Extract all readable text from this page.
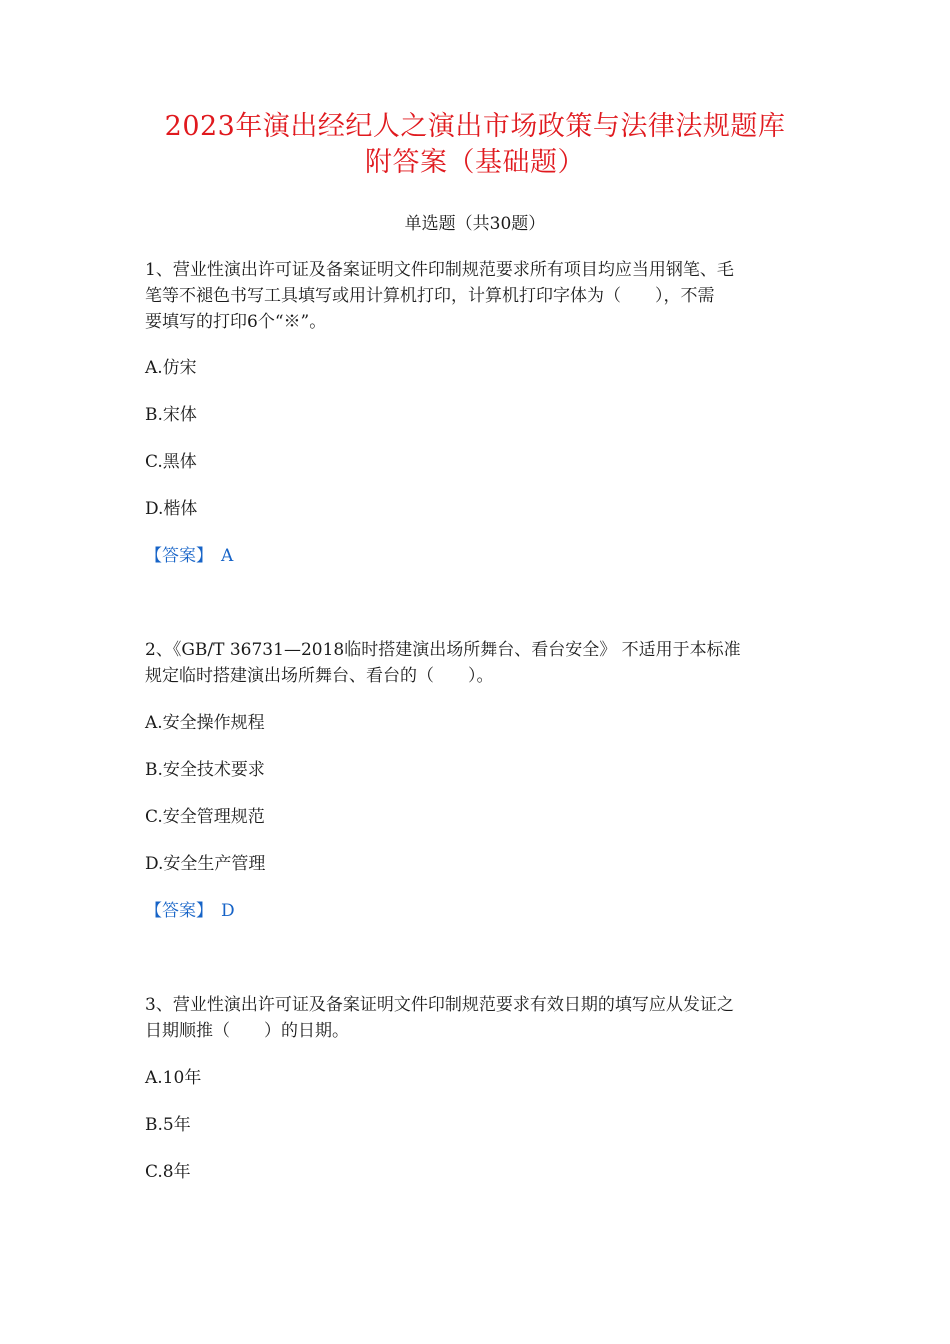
2023年演出经纪人之演出市场政策与法律法规题库
附答案（基础题）
单选题（共30题）
1、营业性演出许可证及备案证明文件印制规范要求所有项目均应当用钢笔、毛
笔等不褪色书写工具填写或用计算机打印，计算机打印字体为（　　），不需
要填写的打印6个“※”。
A.仿宋
B.宋体
C.黑体
D.楷体
【答案】 A
2、《GB/T 36731—2018临时搭建演出场所舞台、看台安全》 不适用于本标准
规定临时搭建演出场所舞台、看台的（　　）。
A.安全操作规程
B.安全技术要求
C.安全管理规范
D.安全生产管理
【答案】 D
3、营业性演出许可证及备案证明文件印制规范要求有效日期的填写应从发证之
日期顺推（　　）的日期。
A.10年
B.5年
C.8年
